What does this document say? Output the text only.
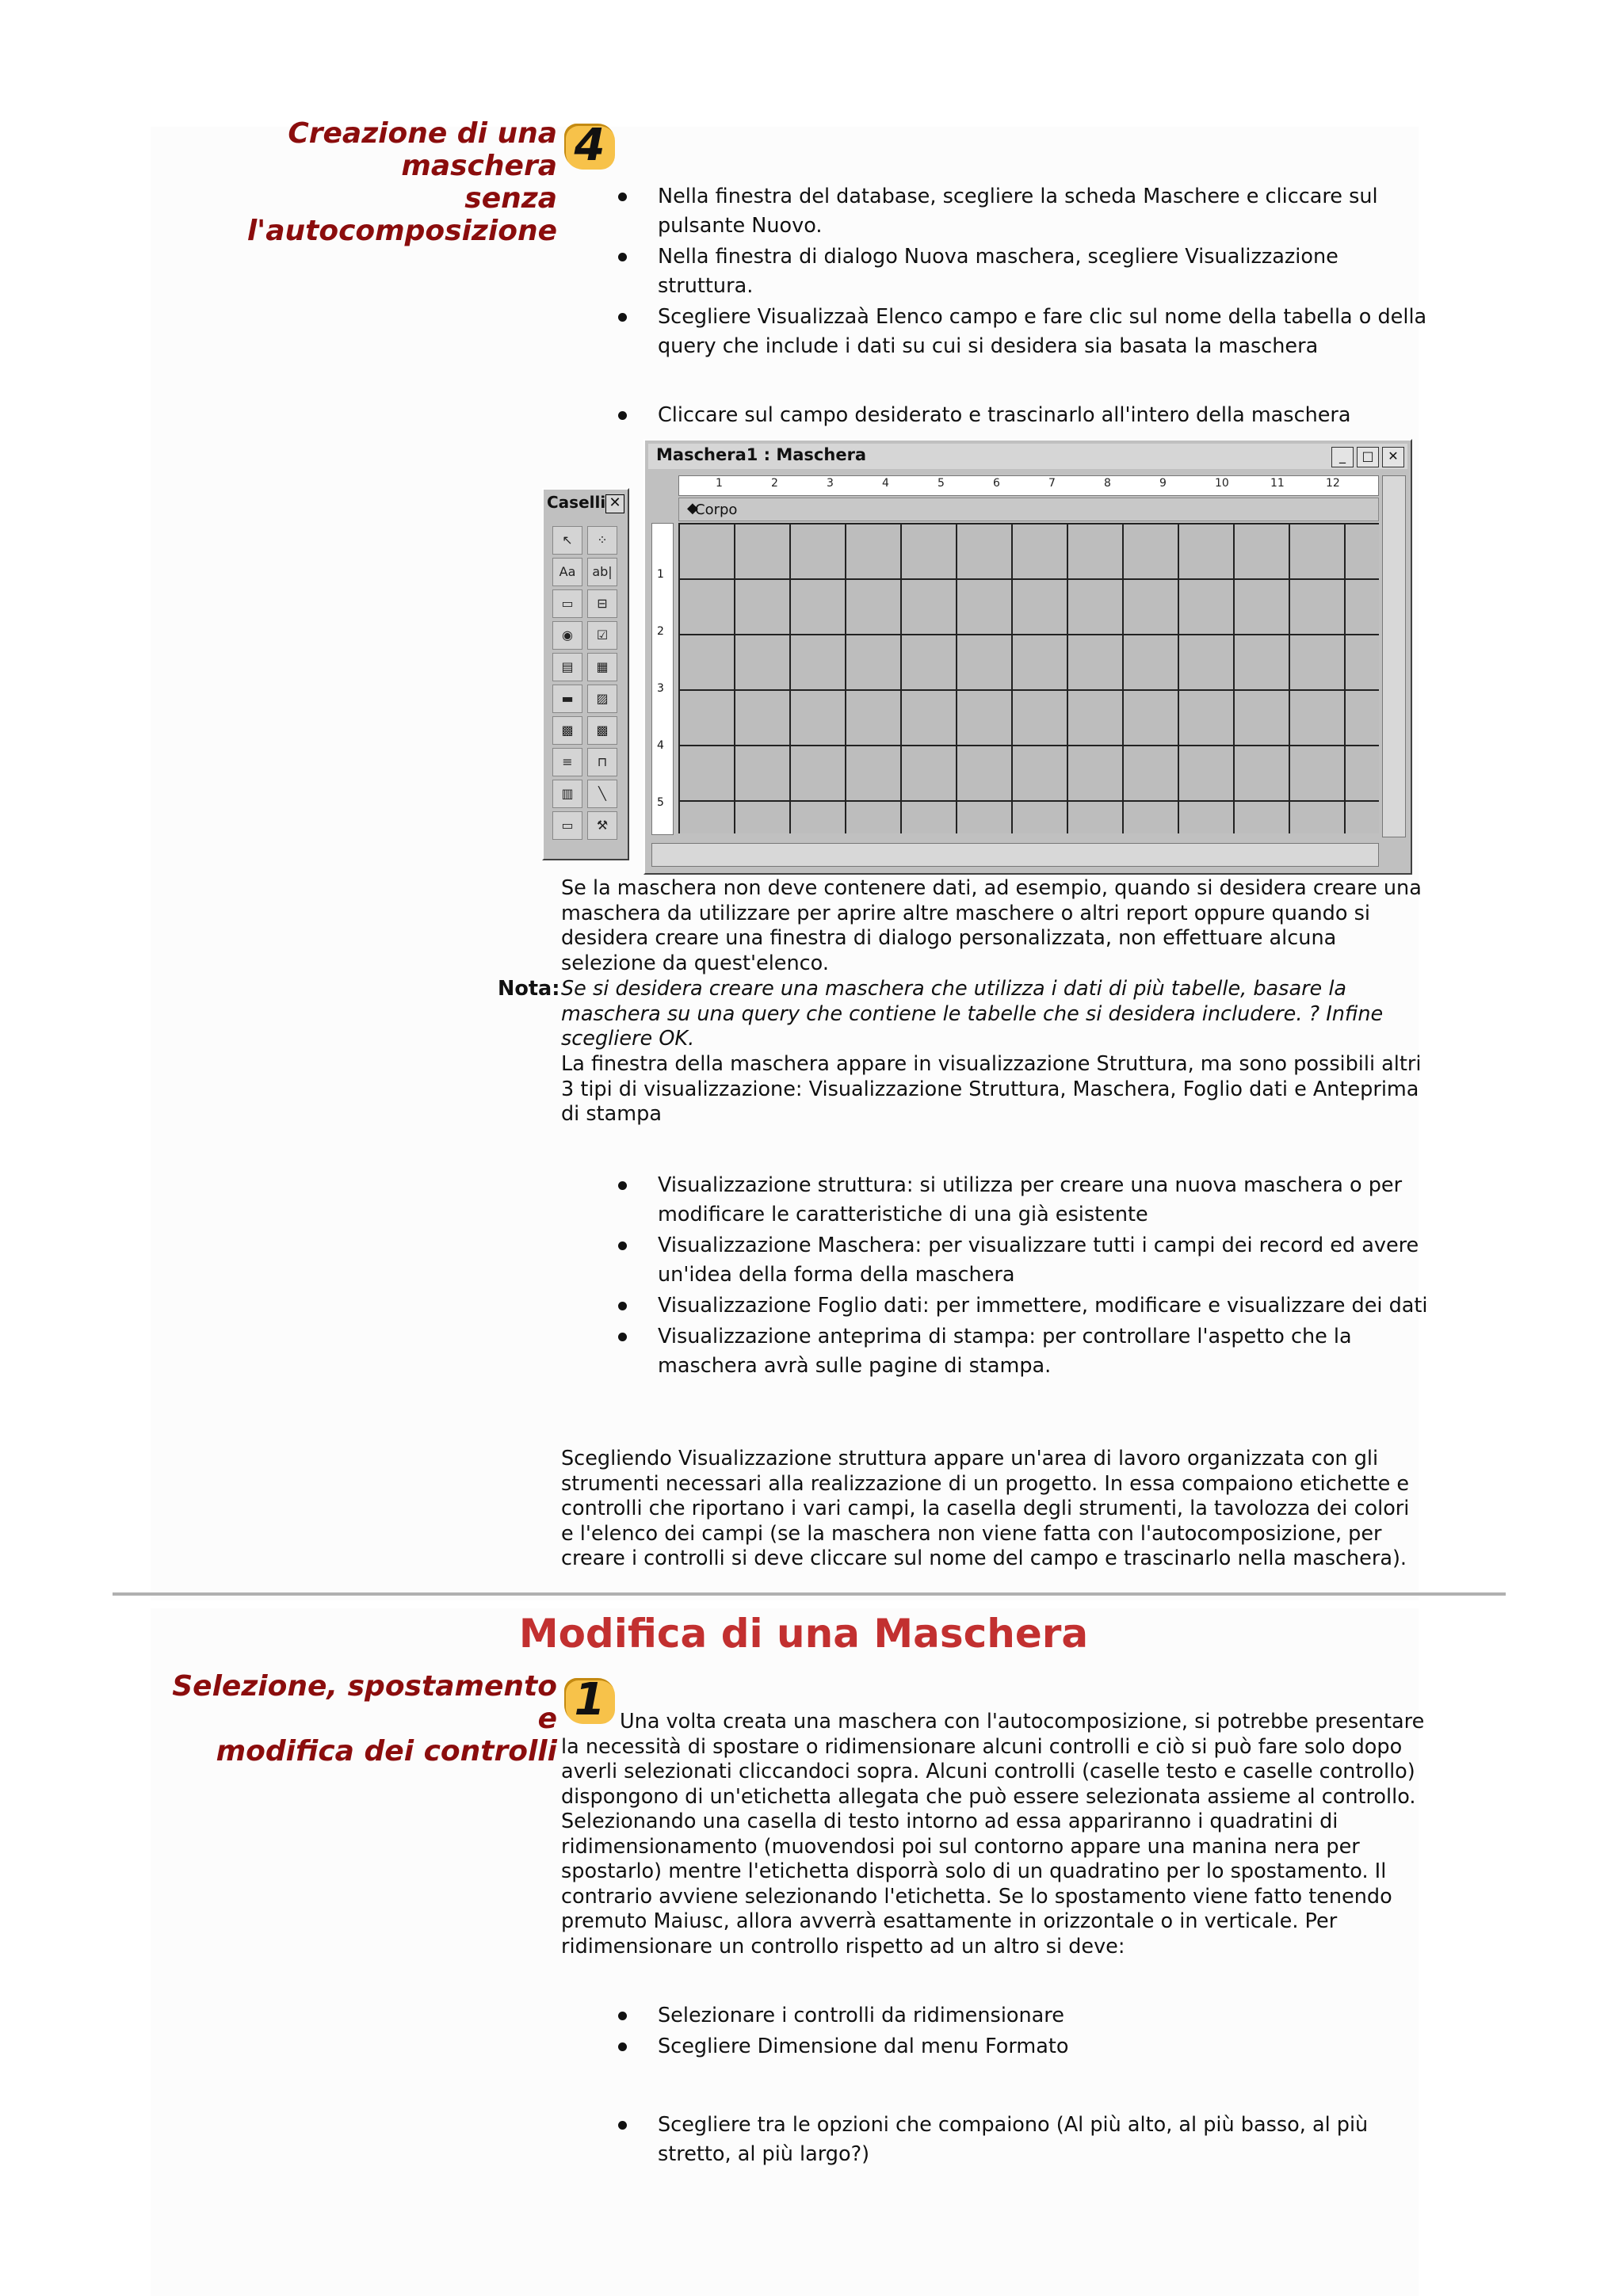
Creazione di una maschera
senza l'autocomposizione
4
Nella finestra del database, scegliere la scheda Maschere e cliccare sul pulsante Nuovo.
Nella finestra di dialogo Nuova maschera, scegliere Visualizzazione struttura.
Scegliere Visualizzaà Elenco campo e fare clic sul nome della tabella o della query che include i dati su cui si desidera sia basata la maschera
Cliccare sul campo desiderato e trascinarlo all'intero della maschera
Caselli ✕
↖ ⁘ Aa ab| ▭ ⊟ ◉ ☑ ▤ ▦ ▬ ▨ ▩ ▩ ≡ ⊓ ▥ ╲ ▭ ⚒
Maschera1 : Maschera	_	□	✕
1	2	3	4	5	6	7	8	9	10	11	12
◆
Corpo
1
2
3
4
5

Se la maschera non deve contenere dati, ad esempio, quando si desidera creare una maschera da utilizzare per aprire altre maschere o altri report oppure quando si desidera creare una finestra di dialogo personalizzata, non effettuare alcuna selezione da quest'elenco.

Nota: Se si desidera creare una maschera che utilizza i dati di più tabelle, basare la maschera su una query che contiene le tabelle che si desidera includere. ? Infine scegliere OK.

La finestra della maschera appare in visualizzazione Struttura, ma sono possibili altri 3 tipi di visualizzazione: Visualizzazione Struttura, Maschera, Foglio dati e Anteprima di stampa

Visualizzazione struttura: si utilizza per creare una nuova maschera o per modificare le caratteristiche di una già esistente
Visualizzazione Maschera: per visualizzare tutti i campi dei record ed avere un'idea della forma della maschera
Visualizzazione Foglio dati: per immettere, modificare e visualizzare dei dati
Visualizzazione anteprima di stampa: per controllare l'aspetto che la maschera avrà sulle pagine di stampa.

Scegliendo Visualizzazione struttura appare un'area di lavoro organizzata con gli strumenti necessari alla realizzazione di un progetto. In essa compaiono etichette e controlli che riportano i vari campi, la casella degli strumenti, la tavolozza dei colori e l'elenco dei campi (se la maschera non viene fatta con l'autocomposizione, per creare i controlli si deve cliccare sul nome del campo e trascinarlo nella maschera).

Modifica di una Maschera
Selezione, spostamento e
modifica dei controlli
1 Una volta creata una maschera con l'autocomposizione, si potrebbe presentare la necessità di spostare o ridimensionare alcuni controlli e ciò si può fare solo dopo averli selezionati cliccandoci sopra. Alcuni controlli (caselle testo e caselle controllo) dispongono di un'etichetta allegata che può essere selezionata assieme al controllo. Selezionando una casella di testo intorno ad essa appariranno i quadratini di ridimensionamento (muovendosi poi sul contorno appare una manina nera per spostarlo) mentre l'etichetta disporrà solo di un quadratino per lo spostamento. Il contrario avviene selezionando l'etichetta. Se lo spostamento viene fatto tenendo premuto Maiusc, allora avverrà esattamente in orizzontale o in verticale. Per ridimensionare un controllo rispetto ad un altro si deve:

Selezionare i controlli da ridimensionare
Scegliere Dimensione dal menu Formato
Scegliere tra le opzioni che compaiono (Al più alto, al più basso, al più stretto, al più largo?)
